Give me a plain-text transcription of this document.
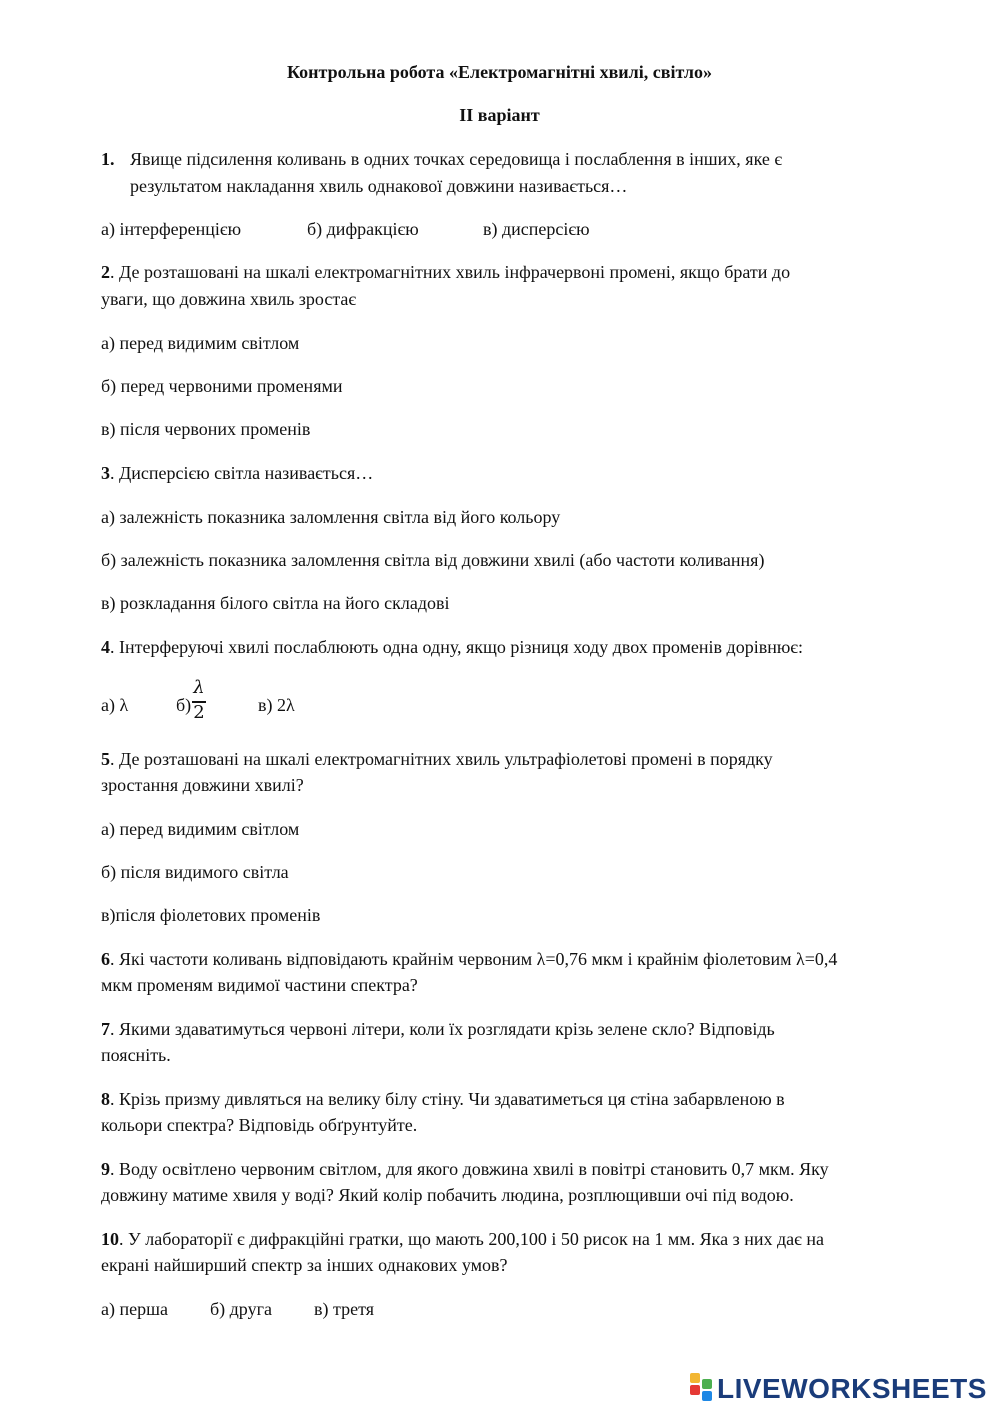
Контрольна робота «Електромагнітні хвилі, світло»
ІІ варіант
1. Явище підсилення коливань в одних точках середовища і послаблення в інших, яке є
результатом накладання хвиль однакової довжини називається…
а) інтерференцією	б) дифракцією	в) дисперсією
2. Де розташовані на шкалі електромагнітних хвиль інфрачервоні промені, якщо брати до
уваги, що довжина хвиль зростає
а) перед видимим світлом
б) перед червоними променями
в) після червоних променів
3. Дисперсією світла називається…
а) залежність показника заломлення світла від його кольору
б) залежність показника заломлення світла від довжини хвилі (або частоти коливання)
в) розкладання білого світла на його складові
4. Інтерферуючі хвилі послаблюють одна одну, якщо різниця ходу двох променів дорівнює:
а) λ	б)
λ
2	в) 2λ
5. Де розташовані на шкалі електромагнітних хвиль ультрафіолетові промені в порядку
зростання довжини хвилі?
а) перед видимим світлом
б) після видимого світла
в)після фіолетових променів
6. Які частоти коливань відповідають крайнім червоним λ=0,76 мкм і крайнім фіолетовим λ=0,4
мкм променям видимої частини спектра?
7. Якими здаватимуться червоні літери, коли їх розглядати крізь зелене скло? Відповідь
поясніть.
8. Крізь призму дивляться на велику білу стіну. Чи здаватиметься ця стіна забарвленою в
кольори спектра? Відповідь обґрунтуйте.
9. Воду освітлено червоним світлом, для якого довжина хвилі в повітрі становить 0,7 мкм. Яку
довжину матиме хвиля у воді? Який колір побачить людина, розплющивши очі під водою.
10. У лабораторії є дифракційні гратки, що мають 200,100 і 50 рисок на 1 мм. Яка з них дає на
екрані найширший спектр за інших однакових умов?
а) перша б) друга в) третя
LIVEWORKSHEETS
